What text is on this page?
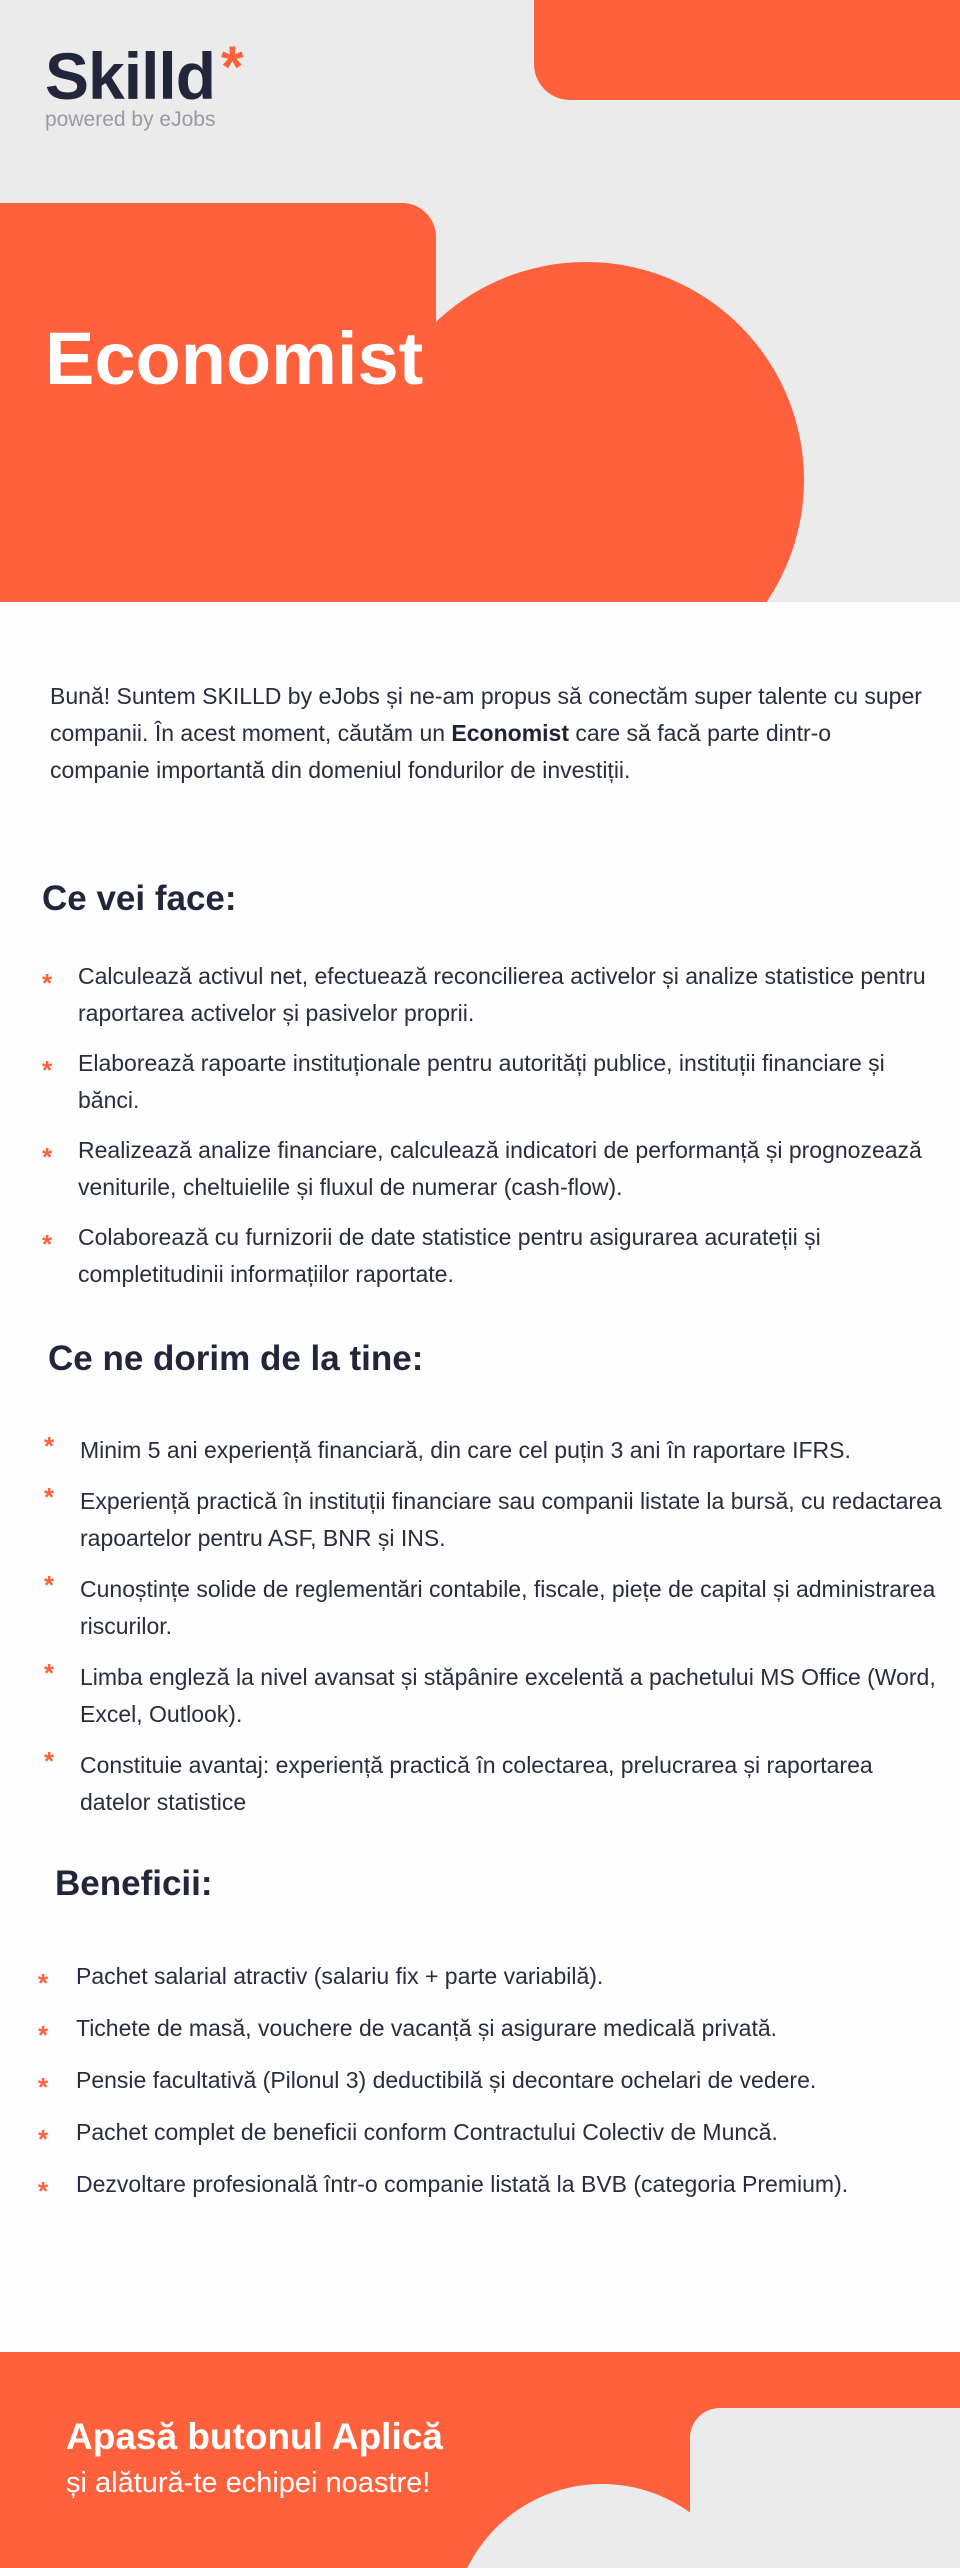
Skilld *
powered by eJobs
Economist

Bună! Suntem SKILLD by eJobs și ne-am propus să conectăm super talente cu super companii. În acest moment, căutăm un Economist care să facă parte dintr-o companie importantă din domeniul fondurilor de investiții.

Ce vei face:
* Calculează activul net, efectuează reconcilierea activelor și analize statistice pentru raportarea activelor și pasivelor proprii.
* Elaborează rapoarte instituționale pentru autorități publice, instituții financiare și bănci.
* Realizează analize financiare, calculează indicatori de performanță și prognozează veniturile, cheltuielile și fluxul de numerar (cash-flow).
* Colaborează cu furnizorii de date statistice pentru asigurarea acurateții și completitudinii informațiilor raportate.
Ce ne dorim de la tine:
* Minim 5 ani experiență financiară, din care cel puțin 3 ani în raportare IFRS.
* Experiență practică în instituții financiare sau companii listate la bursă, cu redactarea rapoartelor pentru ASF, BNR și INS.
* Cunoștințe solide de reglementări contabile, fiscale, piețe de capital și administrarea riscurilor.
* Limba engleză la nivel avansat și stăpânire excelentă a pachetului MS Office (Word, Excel, Outlook).
* Constituie avantaj: experiență practică în colectarea, prelucrarea și raportarea datelor statistice
Beneficii:
* Pachet salarial atractiv (salariu fix + parte variabilă).
* Tichete de masă, vouchere de vacanță și asigurare medicală privată.
* Pensie facultativă (Pilonul 3) deductibilă și decontare ochelari de vedere.
* Pachet complet de beneficii conform Contractului Colectiv de Muncă.
* Dezvoltare profesională într-o companie listată la BVB (categoria Premium).
Apasă butonul Aplică
și alătură-te echipei noastre!
